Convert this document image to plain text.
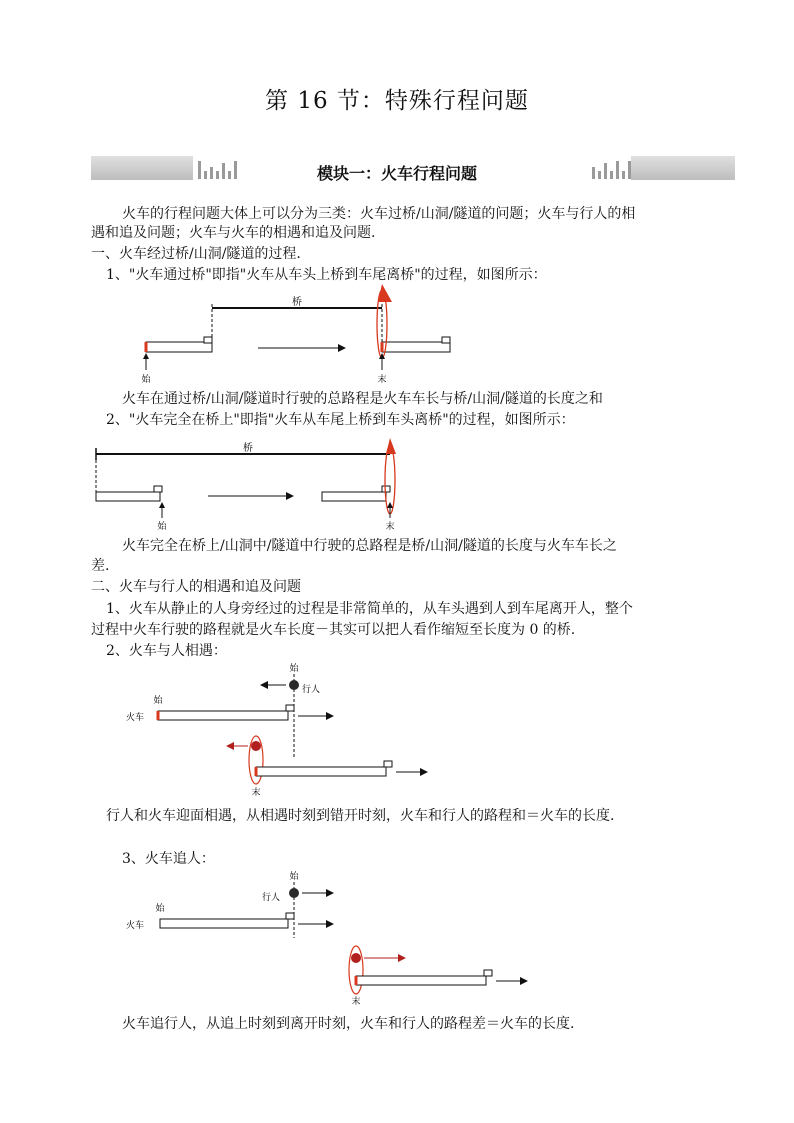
第 16 节：特殊行程问题
模块一：火车行程问题
火车的行程问题大体上可以分为三类：火车过桥/山洞/隧道的问题；火车与行人的相
遇和追及问题；火车与火车的相遇和追及问题.
一、火车经过桥/山洞/隧道的过程.
1、"火车通过桥"即指"火车从车头上桥到车尾离桥"的过程，如图所示：
桥
始	末
火车在通过桥/山洞/隧道时行驶的总路程是火车车长与桥/山洞/隧道的长度之和
2、"火车完全在桥上"即指"火车从车尾上桥到车头离桥"的过程，如图所示：
桥
始	末
火车完全在桥上/山洞中/隧道中行驶的总路程是桥/山洞/隧道的长度与火车车长之
差.
二、火车与行人的相遇和追及问题
1、火车从静止的人身旁经过的过程是非常简单的，从车头遇到人到车尾离开人，整个
过程中火车行驶的路程就是火车长度－其实可以把人看作缩短至长度为 0 的桥.
2、火车与人相遇：
始
行人
始
火车
末
行人和火车迎面相遇，从相遇时刻到错开时刻，火车和行人的路程和＝火车的长度.
3、火车追人：
始
行人
始
火车
末
火车追行人，从追上时刻到离开时刻，火车和行人的路程差＝火车的长度.
